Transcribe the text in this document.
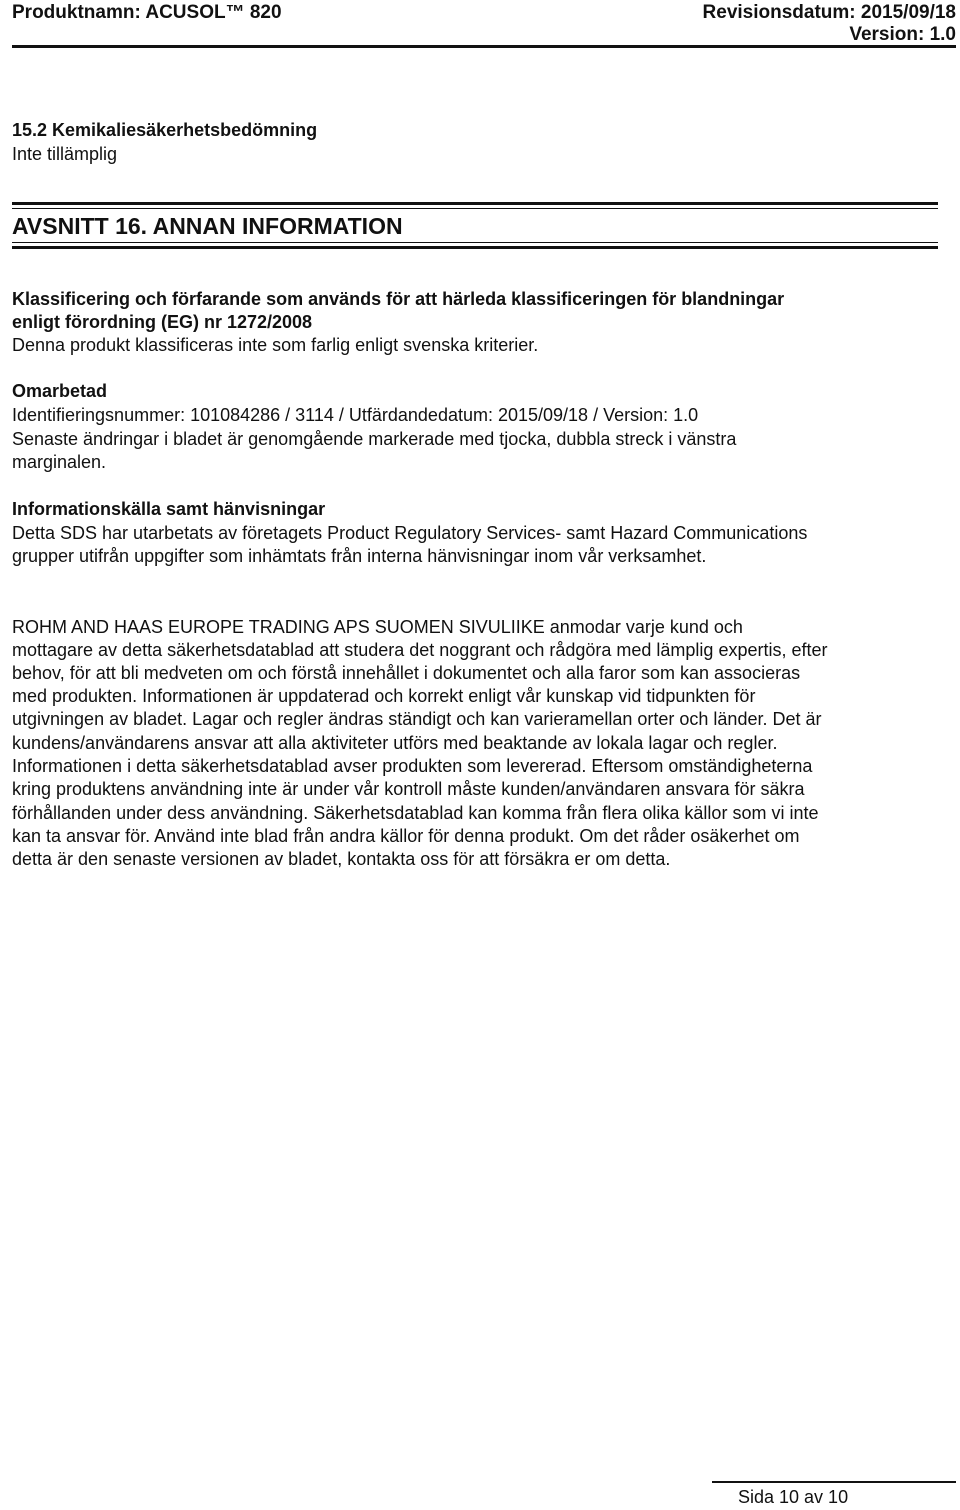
Produktnamn: ACUSOL™ 820	Revisionsdatum: 2015/09/18
Version: 1.0
15.2 Kemikaliesäkerhetsbedömning
Inte tillämplig
AVSNITT 16. ANNAN INFORMATION
Klassificering och förfarande som används för att härleda klassificeringen för blandningar
enligt förordning (EG) nr 1272/2008
Denna produkt klassificeras inte som farlig enligt svenska kriterier.
Omarbetad
Identifieringsnummer: 101084286 / 3114 / Utfärdandedatum: 2015/09/18 / Version: 1.0
Senaste ändringar i bladet är genomgående markerade med tjocka, dubbla streck i vänstra
marginalen.
Informationskälla samt hänvisningar
Detta SDS har utarbetats av företagets Product Regulatory Services- samt Hazard Communications
grupper utifrån uppgifter som inhämtats från interna hänvisningar inom vår verksamhet.
ROHM AND HAAS EUROPE TRADING APS SUOMEN SIVULIIKE anmodar varje kund och
mottagare av detta säkerhetsdatablad att studera det noggrant och rådgöra med lämplig expertis, efter
behov, för att bli medveten om och förstå innehållet i dokumentet och alla faror som kan associeras
med produkten. Informationen är uppdaterad och korrekt enligt vår kunskap vid tidpunkten för
utgivningen av bladet. Lagar och regler ändras ständigt och kan varieramellan orter och länder. Det är
kundens/användarens ansvar att alla aktiviteter utförs med beaktande av lokala lagar och regler.
Informationen i detta säkerhetsdatablad avser produkten som levererad. Eftersom omständigheterna
kring produktens användning inte är under vår kontroll måste kunden/användaren ansvara för säkra
förhållanden under dess användning. Säkerhetsdatablad kan komma från flera olika källor som vi inte
kan ta ansvar för. Använd inte blad från andra källor för denna produkt. Om det råder osäkerhet om
detta är den senaste versionen av bladet, kontakta oss för att försäkra er om detta.
Sida 10 av 10
